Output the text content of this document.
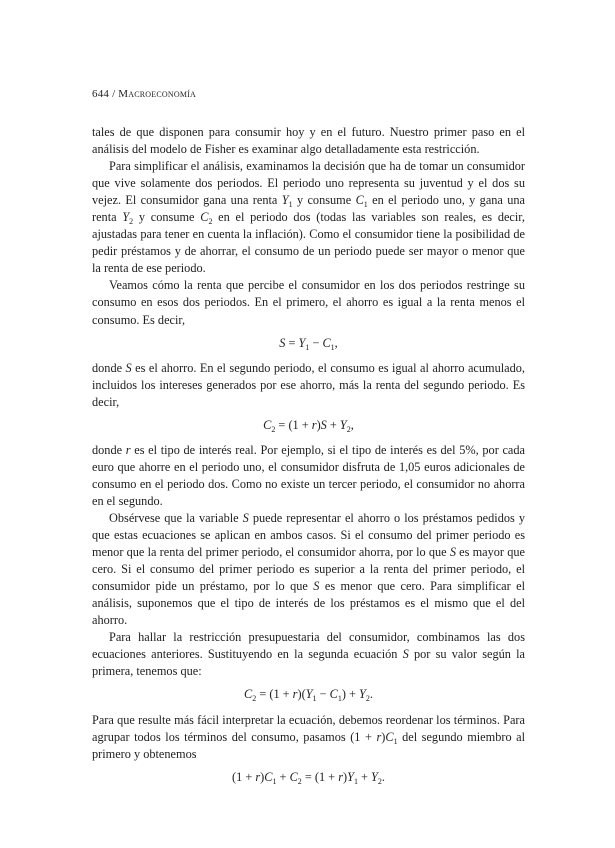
644 / Macroeconomía

tales de que disponen para consumir hoy y en el futuro. Nuestro primer paso en el análisis del modelo de Fisher es examinar algo detalladamente esta restricción.

Para simplificar el análisis, examinamos la decisión que ha de tomar un consumidor que vive solamente dos periodos. El periodo uno representa su juventud y el dos su vejez. El consumidor gana una renta $Y_1$ y consume $C_1$ en el periodo uno, y gana una renta $Y_2$ y consume $C_2$ en el periodo dos (todas las variables son reales, es decir, ajustadas para tener en cuenta la inflación). Como el consumidor tiene la posibilidad de pedir préstamos y de ahorrar, el consumo de un periodo puede ser mayor o menor que la renta de ese periodo.

Veamos cómo la renta que percibe el consumidor en los dos periodos restringe su consumo en esos dos periodos. En el primero, el ahorro es igual a la renta menos el consumo. Es decir,

$S = Y_1 - C_1$,

donde S es el ahorro. En el segundo periodo, el consumo es igual al ahorro acumulado, incluidos los intereses generados por ese ahorro, más la renta del segundo periodo. Es decir,

$C_2 = (1 + r)S + Y_2$,

donde r es el tipo de interés real. Por ejemplo, si el tipo de interés es del 5%, por cada euro que ahorre en el periodo uno, el consumidor disfruta de 1,05 euros adicionales de consumo en el periodo dos. Como no existe un tercer periodo, el consumidor no ahorra en el segundo.

Obsérvese que la variable S puede representar el ahorro o los préstamos pedidos y que estas ecuaciones se aplican en ambos casos. Si el consumo del primer periodo es menor que la renta del primer periodo, el consumidor ahorra, por lo que S es mayor que cero. Si el consumo del primer periodo es superior a la renta del primer periodo, el consumidor pide un préstamo, por lo que S es menor que cero. Para simplificar el análisis, suponemos que el tipo de interés de los préstamos es el mismo que el del ahorro.

Para hallar la restricción presupuestaria del consumidor, combinamos las dos ecuaciones anteriores. Sustituyendo en la segunda ecuación S por su valor según la primera, tenemos que:

$C_2 = (1 + r)(Y_1 - C_1) + Y_2$.

Para que resulte más fácil interpretar la ecuación, debemos reordenar los términos. Para agrupar todos los términos del consumo, pasamos $(1 + r)C_1$ del segundo miembro al primero y obtenemos

$(1 + r)C_1 + C_2 = (1 + r)Y_1 + Y_2$.
